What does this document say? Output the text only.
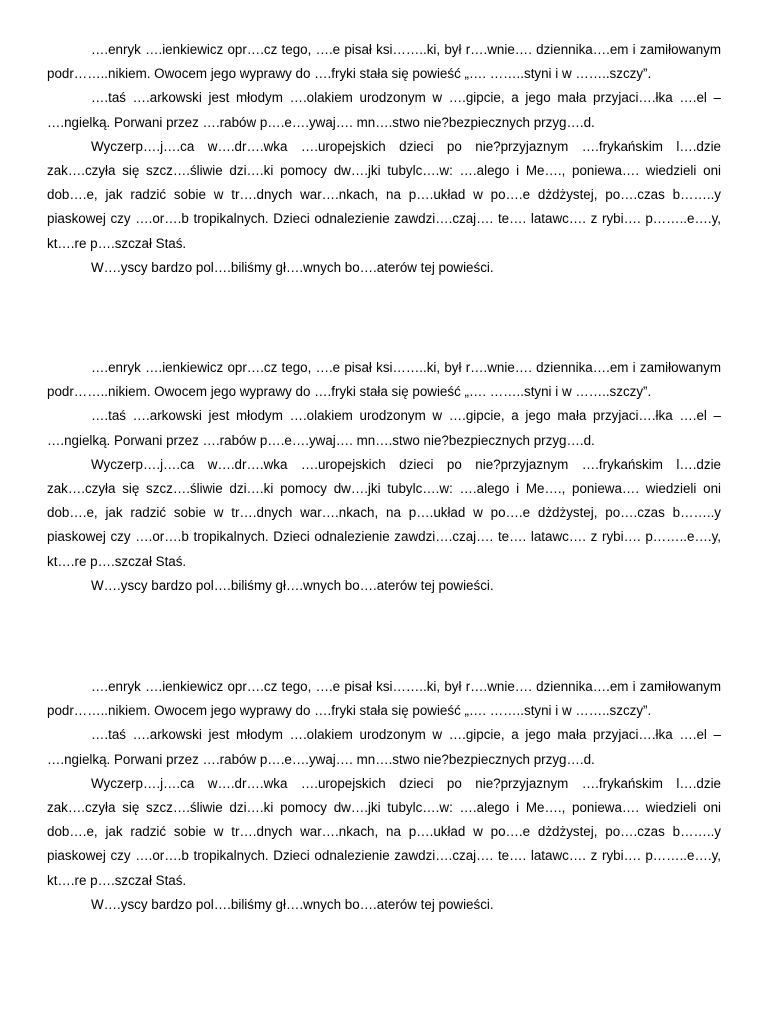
….enryk ….ienkiewicz opr….cz tego, ….e pisał ksi……..ki, był r….wnie…. dziennika….em i zamiłowanym podr……..nikiem. Owocem jego wyprawy do ….fryki stała się powieść „…. ……..styni i w ……..szczy”.

….taś ….arkowski jest młodym ….olakiem urodzonym w ….gipcie, a jego mała przyjaci….łka ….el – ….ngielką. Porwani przez ….rabów p….e….ywaj…. mn….stwo nie?bezpiecznych przyg….d.

Wyczerp….j….ca w….dr….wka ….uropejskich dzieci po nie?przyjaznym ….frykańskim l….dzie zak….czyła się szcz….śliwie dzi….ki pomocy dw….jki tubylc….w: ….alego i Me…., poniewa…. wiedzieli oni dob….e, jak radzić sobie w tr….dnych war….nkach, na p….układ w po….e dżdżystej, po….czas b……..y piaskowej czy ….or….b tropikalnych. Dzieci odnalezienie zawdzi….czaj…. te…. latawc…. z rybi…. p……..e….y, kt….re p….szczał Staś.

W….yscy bardzo pol….biliśmy gł….wnych bo….aterów tej powieści.

….enryk ….ienkiewicz opr….cz tego, ….e pisał ksi……..ki, był r….wnie…. dziennika….em i zamiłowanym podr……..nikiem. Owocem jego wyprawy do ….fryki stała się powieść „…. ……..styni i w ……..szczy”.

….taś ….arkowski jest młodym ….olakiem urodzonym w ….gipcie, a jego mała przyjaci….łka ….el – ….ngielką. Porwani przez ….rabów p….e….ywaj…. mn….stwo nie?bezpiecznych przyg….d.

Wyczerp….j….ca w….dr….wka ….uropejskich dzieci po nie?przyjaznym ….frykańskim l….dzie zak….czyła się szcz….śliwie dzi….ki pomocy dw….jki tubylc….w: ….alego i Me…., poniewa…. wiedzieli oni dob….e, jak radzić sobie w tr….dnych war….nkach, na p….układ w po….e dżdżystej, po….czas b……..y piaskowej czy ….or….b tropikalnych. Dzieci odnalezienie zawdzi….czaj…. te…. latawc…. z rybi…. p……..e….y, kt….re p….szczał Staś.

W….yscy bardzo pol….biliśmy gł….wnych bo….aterów tej powieści.

….enryk ….ienkiewicz opr….cz tego, ….e pisał ksi……..ki, był r….wnie…. dziennika….em i zamiłowanym podr……..nikiem. Owocem jego wyprawy do ….fryki stała się powieść „…. ……..styni i w ……..szczy”.

….taś ….arkowski jest młodym ….olakiem urodzonym w ….gipcie, a jego mała przyjaci….łka ….el – ….ngielką. Porwani przez ….rabów p….e….ywaj…. mn….stwo nie?bezpiecznych przyg….d.

Wyczerp….j….ca w….dr….wka ….uropejskich dzieci po nie?przyjaznym ….frykańskim l….dzie zak….czyła się szcz….śliwie dzi….ki pomocy dw….jki tubylc….w: ….alego i Me…., poniewa…. wiedzieli oni dob….e, jak radzić sobie w tr….dnych war….nkach, na p….układ w po….e dżdżystej, po….czas b……..y piaskowej czy ….or….b tropikalnych. Dzieci odnalezienie zawdzi….czaj…. te…. latawc…. z rybi…. p……..e….y, kt….re p….szczał Staś.

W….yscy bardzo pol….biliśmy gł….wnych bo….aterów tej powieści.
